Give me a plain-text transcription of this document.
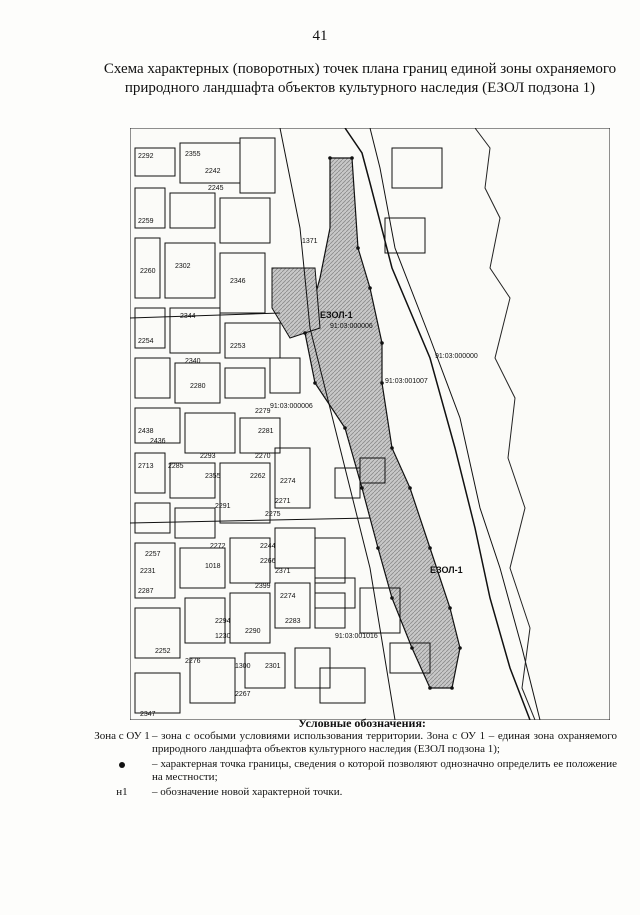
41
Схема характерных (поворотных) точек плана границ единой зоны охраняемого природного ландшафта объектов культурного наследия (ЕЗОЛ подзона 1)
ЕЗОЛ-1
ЕЗОЛ-1
2292	2355
2242
2245
2259
2260
2302
2344
2346
2340
2254
2253
2438
2436
2713 2285
2293
2355
2280
2279
2281
2270
2262
2257
2231
2272	2244
1018
2287
2294	2283
2290
2276
2252
2347
2267
1371
2271
2274
2275
2291
2399
2266
2371
2274
1230
1300 2301
91:03:000000
91:03:001007
91:03:001016
91:03:000006
91:03:000006
Условные обозначения:
Зона с ОУ 1 – зона с особыми условиями использования территории. Зона с ОУ 1 – единая зона охраняемого природного ландшафта объектов культурного наследия (ЕЗОЛ подзона 1);
– характерная точка границы, сведения о которой позволяют однозначно определить ее положение на местности;
н1	– обозначение новой характерной точки.
